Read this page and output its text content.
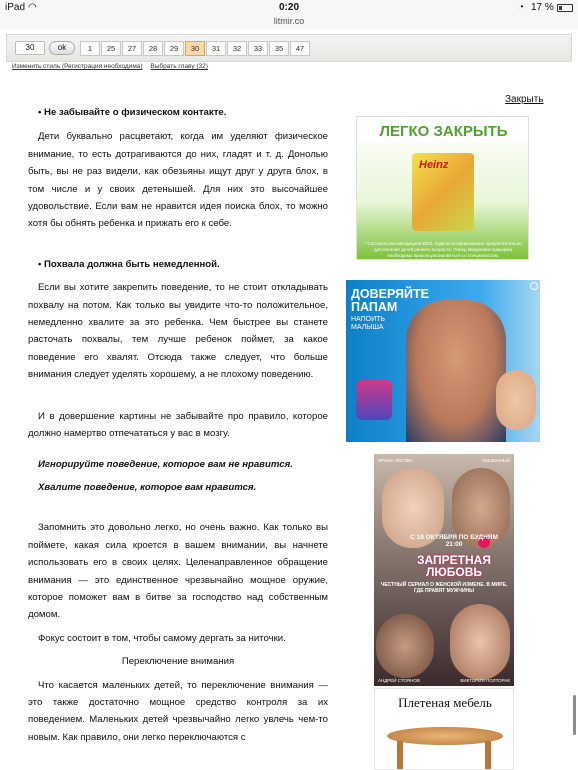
iPad ◠	0:20	◔ 17 %
litmir.co
30	ok	1	25	27	28	29	30	31	32	33	35	47
Изменить стиль (Регистрация необходима) Выбрать главу (32)
Закрыть

• Не забывайте о физическом контакте.

Дети буквально расцветают, когда им уделяют физическое внимание, то есть дотрагиваются до них, гладят и т. д. Донолью быть, вы не раз видели, как обезьяны ищут друг у друга блох, в том числе и у своих детенышей. Для них это высочайшее удовольствие. Если вам не нравится идея поиска блох, то можно хотя бы обнять ребенка и прижать его к себе.

• Похвала должна быть немедленной.

Если вы хотите закрепить поведение, то не стоит откладывать похвалу на потом. Как только вы увидите что-то положительное, немедленно хвалите за это ребенка. Чем быстрее вы станете расточать похвалы, тем лучше ребенок поймет, за какое поведение его хвалят. Отсюда также следует, что больше внимания следует уделять хорошему, а не плохому поведению.

И в довершение картины не забывайте про правило, которое должно намертво отпечататься у вас в мозгу.

Игнорируйте поведение, которое вам не нравится.

Хвалите поведение, которое вам нравится.

Запомнить это довольно легко, но очень важно. Как только вы поймете, какая сила кроется в вашем внимании, вы начнете использовать его в своих целях. Целенаправленное обращение внимания — это единственное чрезвычайно мощное оружие, которое поможет вам в битве за господство над собственным домом.

Фокус состоит в том, чтобы самому дергать за ниточки.

Переключение внимания

Что касается маленьких детей, то переключение внимания — это также достаточно мощное средство контроля за их поведением. Маленьких детей чрезвычайно легко увлечь чем-то новым. Как правило, они легко переключаются с

ЛЕГКО ЗАКРЫТЬ
Heinz
* Согласно рекомендациям ВОЗ, грудное вскармливание предпочтительно для питания детей раннего возраста. Перед введением прикорма необходимо проконсультироваться со специалистом.
ДОВЕРЯЙТЕ ПАПАМ
НАПОИТЬ МАЛЫША
ИРИНА ПЕГОВА	ПЫШЕННЫЙ
С 19 ОКТЯБРЯ ПО БУДНЯМ 21:00
ЗАПРЕТНАЯ ЛЮБОВЬ
ЧЕСТНЫЙ СЕРИАЛ О ЖЕНСКОЙ ИЗМЕНЕ. В МИРЕ, ГДЕ ПРАВЯТ МУЖЧИНЫ
АНДРЕЙ СТОЯНОВ	ВИКТОРИЯ ПОЛТОРАК
Плетеная мебель
